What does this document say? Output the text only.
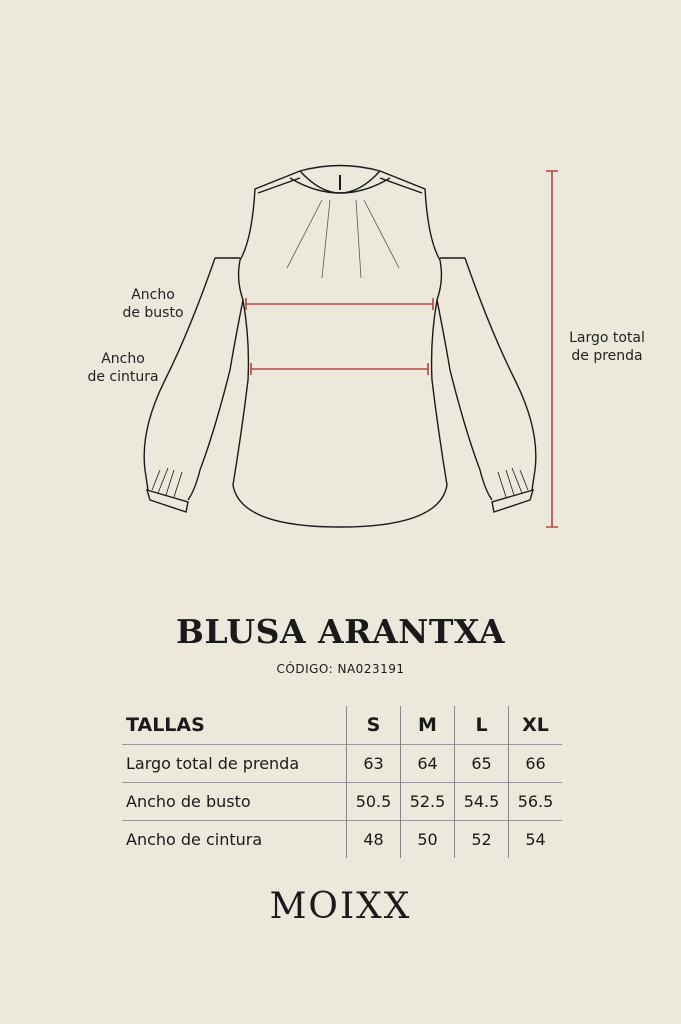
Ancho
de busto
Ancho
de cintura
Largo total
de prenda
BLUSA ARANTXA
CÓDIGO: NA023191
TALLAS	S	M	L	XL
Largo total de prenda	63	64	65	66
Ancho de busto	50.5	52.5	54.5	56.5
Ancho de cintura	48	50	52	54
MOIXX
